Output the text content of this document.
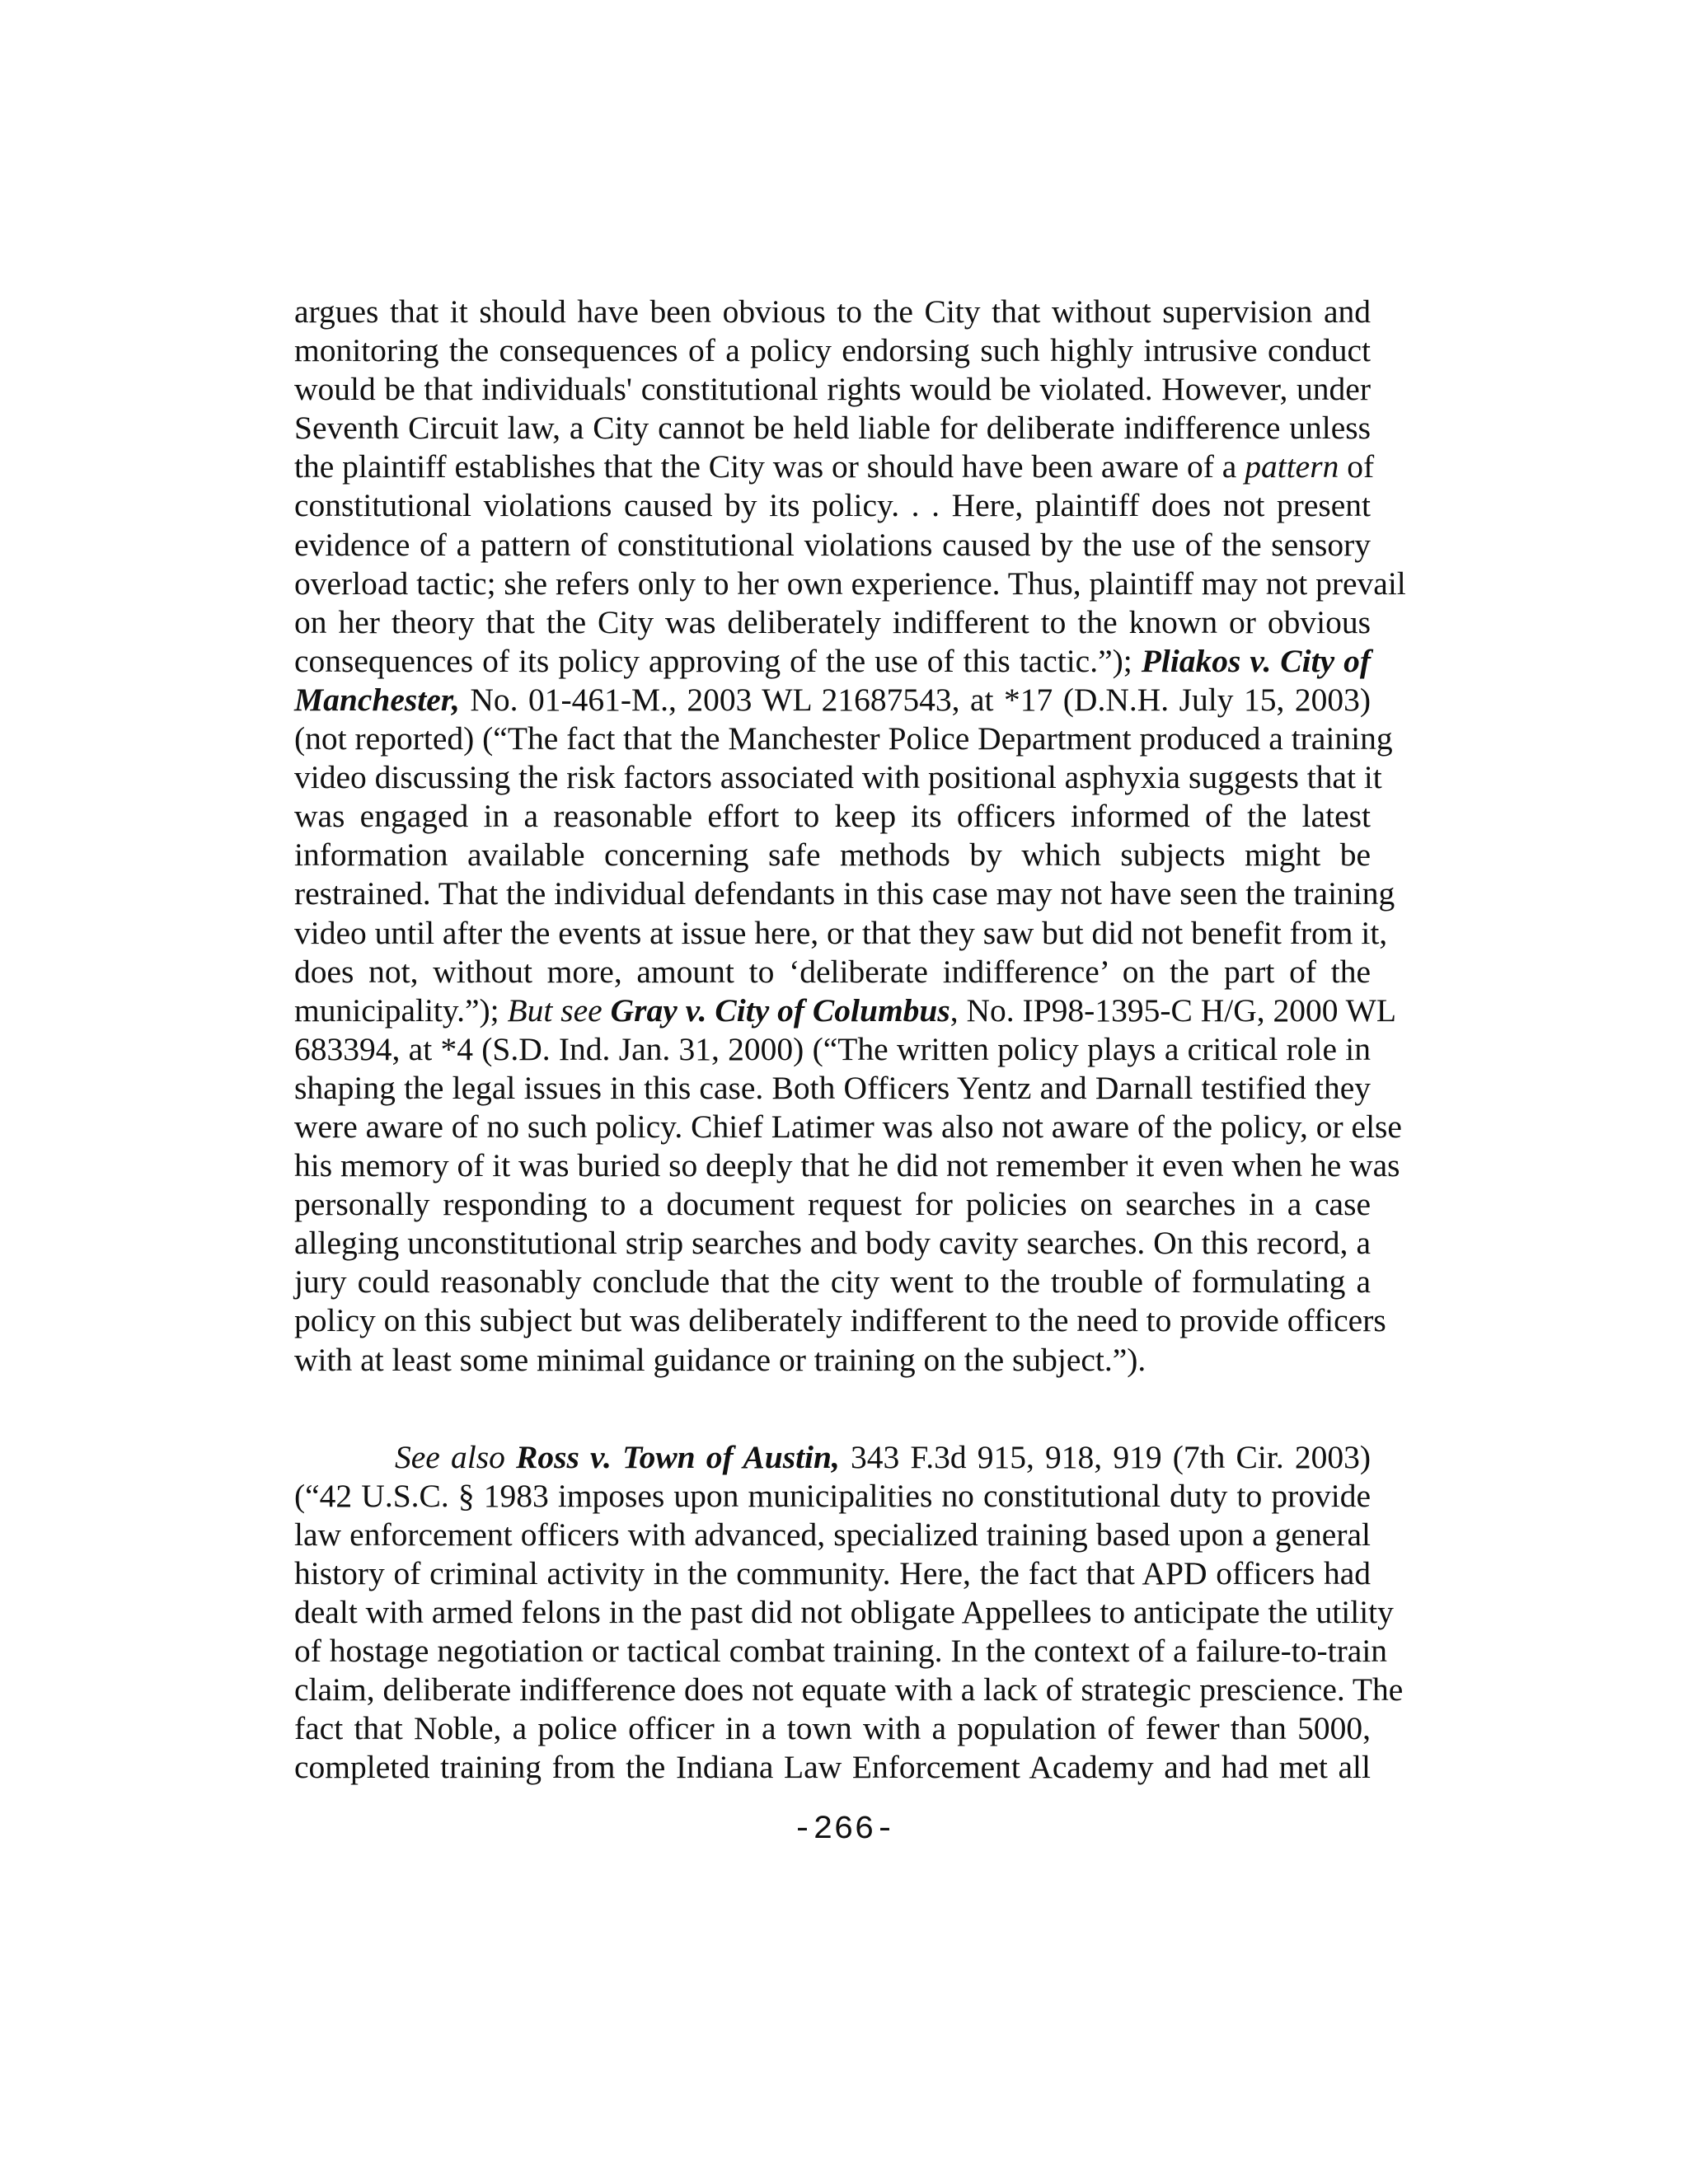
argues that it should have been obvious to the City that without supervision and
monitoring the consequences of a policy endorsing such highly intrusive conduct
would be that individuals' constitutional rights would be violated. However, under
Seventh Circuit law, a City cannot be held liable for deliberate indifference unless
the plaintiff establishes that the City was or should have been aware of a pattern of
constitutional violations caused by its policy. . . Here, plaintiff does not present
evidence of a pattern of constitutional violations caused by the use of the sensory
overload tactic; she refers only to her own experience. Thus, plaintiff may not prevail
on her theory that the City was deliberately indifferent to the known or obvious
consequences of its policy approving of the use of this tactic.”); Pliakos v. City of
Manchester, No. 01-461-M., 2003 WL 21687543, at *17 (D.N.H. July 15, 2003)
(not reported) (“The fact that the Manchester Police Department produced a training
video discussing the risk factors associated with positional asphyxia suggests that it
was engaged in a reasonable effort to keep its officers informed of the latest
information available concerning safe methods by which subjects might be
restrained. That the individual defendants in this case may not have seen the training
video until after the events at issue here, or that they saw but did not benefit from it,
does not, without more, amount to ‘deliberate indifference’ on the part of the
municipality.”); But see Gray v. City of Columbus, No. IP98-1395-C H/G, 2000 WL
683394, at *4 (S.D. Ind. Jan. 31, 2000) (“The written policy plays a critical role in
shaping the legal issues in this case. Both Officers Yentz and Darnall testified they
were aware of no such policy. Chief Latimer was also not aware of the policy, or else
his memory of it was buried so deeply that he did not remember it even when he was
personally responding to a document request for policies on searches in a case
alleging unconstitutional strip searches and body cavity searches. On this record, a
jury could reasonably conclude that the city went to the trouble of formulating a
policy on this subject but was deliberately indifferent to the need to provide officers
with at least some minimal guidance or training on the subject.”).
See also Ross v. Town of Austin, 343 F.3d 915, 918, 919 (7th Cir. 2003)
(“42 U.S.C. § 1983 imposes upon municipalities no constitutional duty to provide
law enforcement officers with advanced, specialized training based upon a general
history of criminal activity in the community. Here, the fact that APD officers had
dealt with armed felons in the past did not obligate Appellees to anticipate the utility
of hostage negotiation or tactical combat training. In the context of a failure-to-train
claim, deliberate indifference does not equate with a lack of strategic prescience. The
fact that Noble, a police officer in a town with a population of fewer than 5000,
completed training from the Indiana Law Enforcement Academy and had met all
-266-
